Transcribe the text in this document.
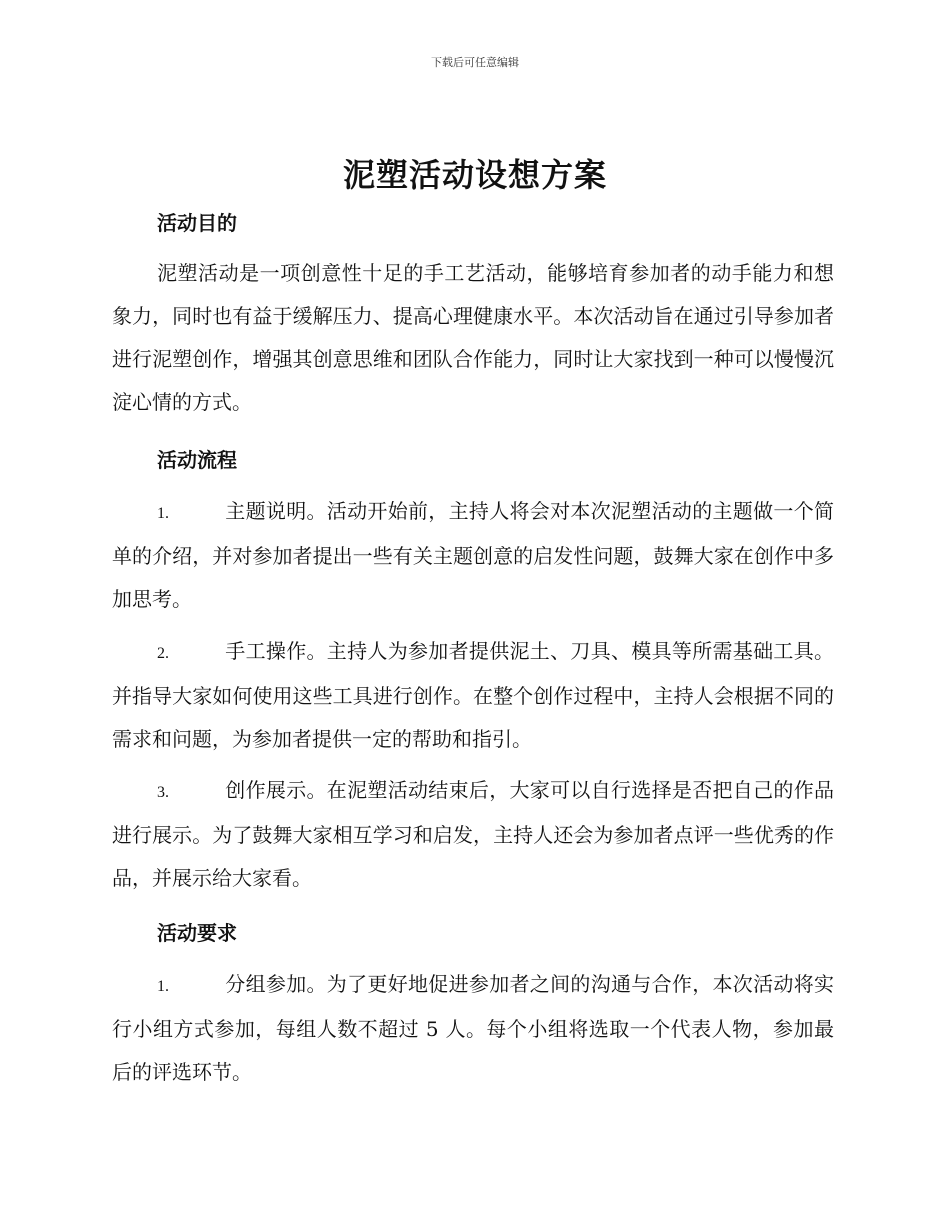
下载后可任意编辑
泥塑活动设想方案
活动目的

泥塑活动是一项创意性十足的手工艺活动，能够培育参加者的动手能力和想象力，同时也有益于缓解压力、提高心理健康水平。本次活动旨在通过引导参加者进行泥塑创作，增强其创意思维和团队合作能力，同时让大家找到一种可以慢慢沉淀心情的方式。

活动流程

1.	主题说明。活动开始前，主持人将会对本次泥塑活动的主题做一个简单的介绍，并对参加者提出一些有关主题创意的启发性问题，鼓舞大家在创作中多加思考。

2.	手工操作。主持人为参加者提供泥土、刀具、模具等所需基础工具。并指导大家如何使用这些工具进行创作。在整个创作过程中，主持人会根据不同的需求和问题，为参加者提供一定的帮助和指引。

3.	创作展示。在泥塑活动结束后，大家可以自行选择是否把自己的作品进行展示。为了鼓舞大家相互学习和启发，主持人还会为参加者点评一些优秀的作品，并展示给大家看。

活动要求

1.	分组参加。为了更好地促进参加者之间的沟通与合作，本次活动将实行小组方式参加，每组人数不超过 5 人。每个小组将选取一个代表人物，参加最后的评选环节。
